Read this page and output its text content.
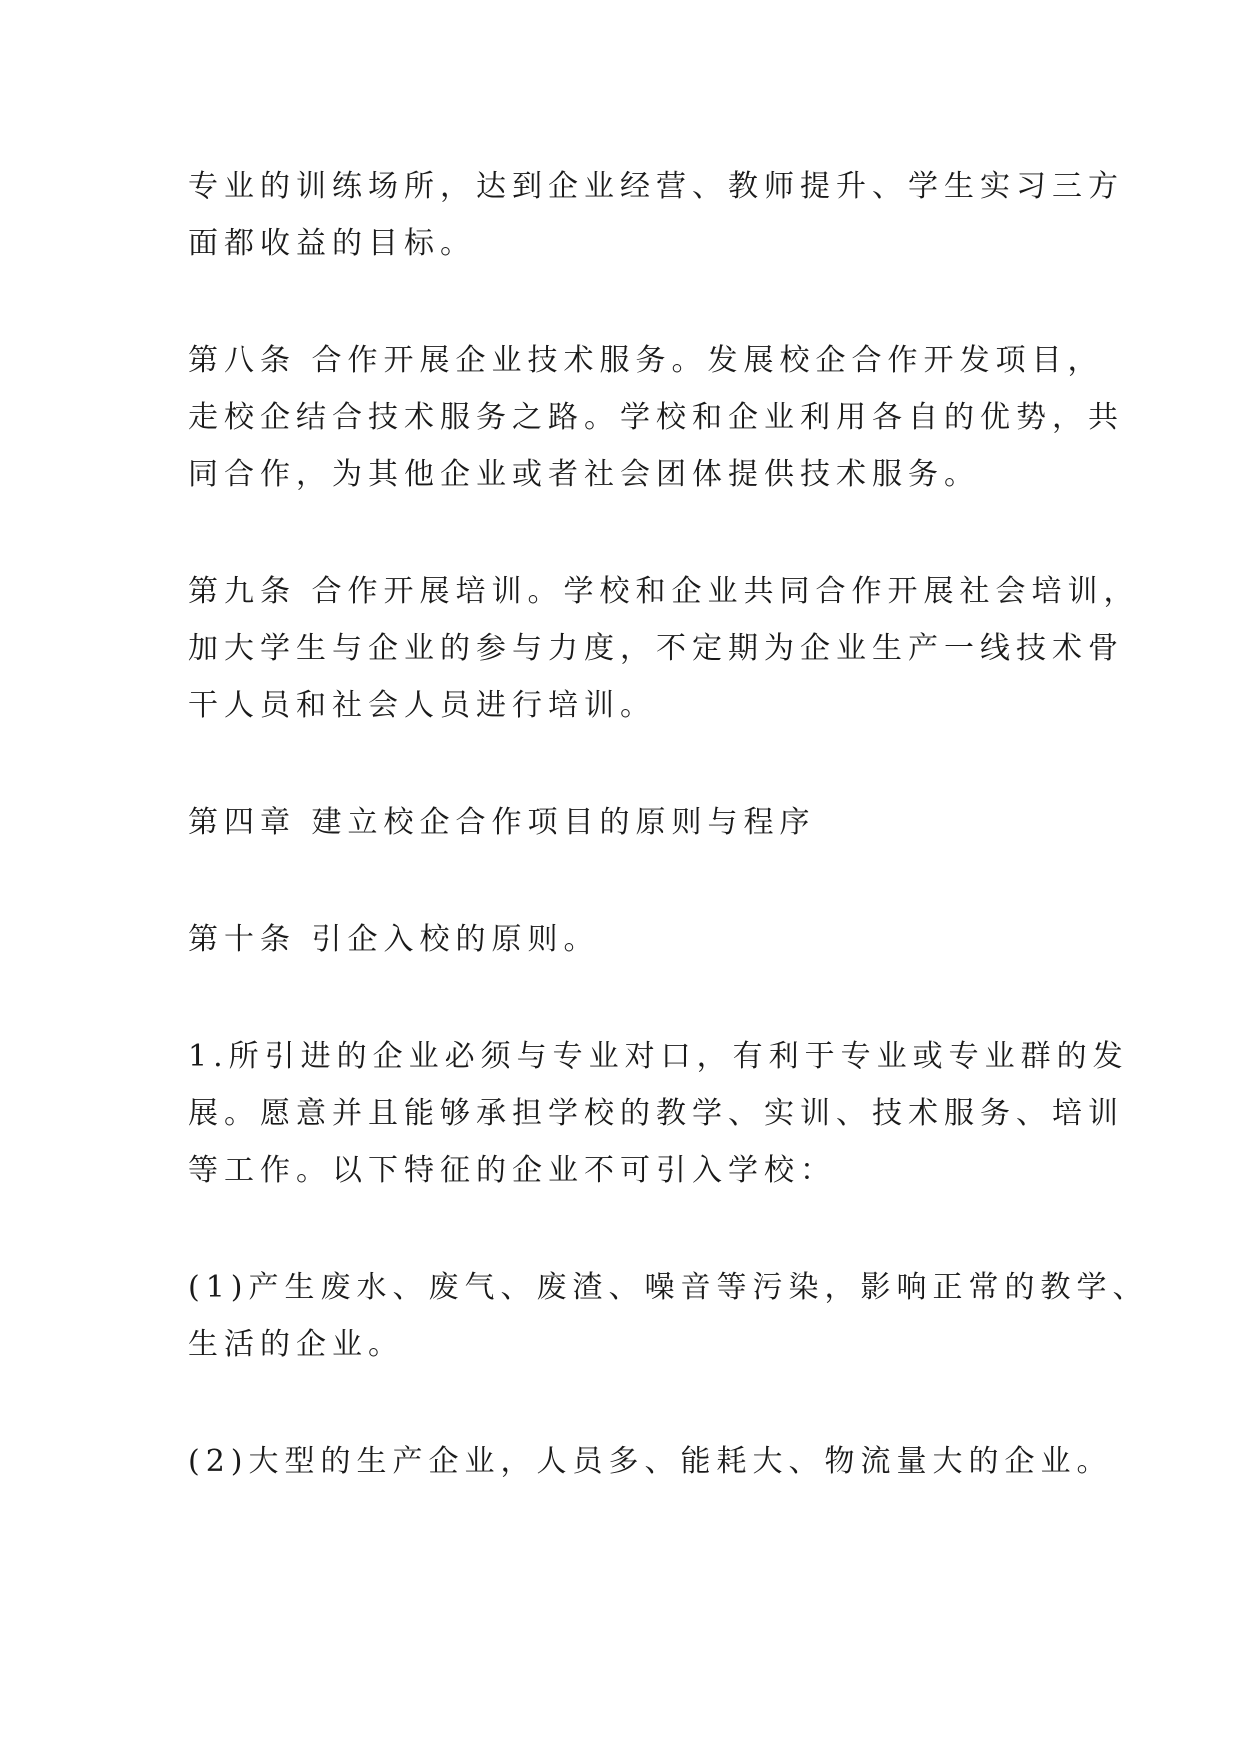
专业的训练场所，达到企业经营、教师提升、学生实习三方
面都收益的目标。

第八条 合作开展企业技术服务。发展校企合作开发项目，
走校企结合技术服务之路。学校和企业利用各自的优势，共
同合作，为其他企业或者社会团体提供技术服务。

第九条 合作开展培训。学校和企业共同合作开展社会培训，
加大学生与企业的参与力度，不定期为企业生产一线技术骨
干人员和社会人员进行培训。

第四章 建立校企合作项目的原则与程序

第十条 引企入校的原则。

1.所引进的企业必须与专业对口，有利于专业或专业群的发
展。愿意并且能够承担学校的教学、实训、技术服务、培训
等工作。以下特征的企业不可引入学校：

(1)产生废水、废气、废渣、噪音等污染，影响正常的教学、
生活的企业。

(2)大型的生产企业，人员多、能耗大、物流量大的企业。
